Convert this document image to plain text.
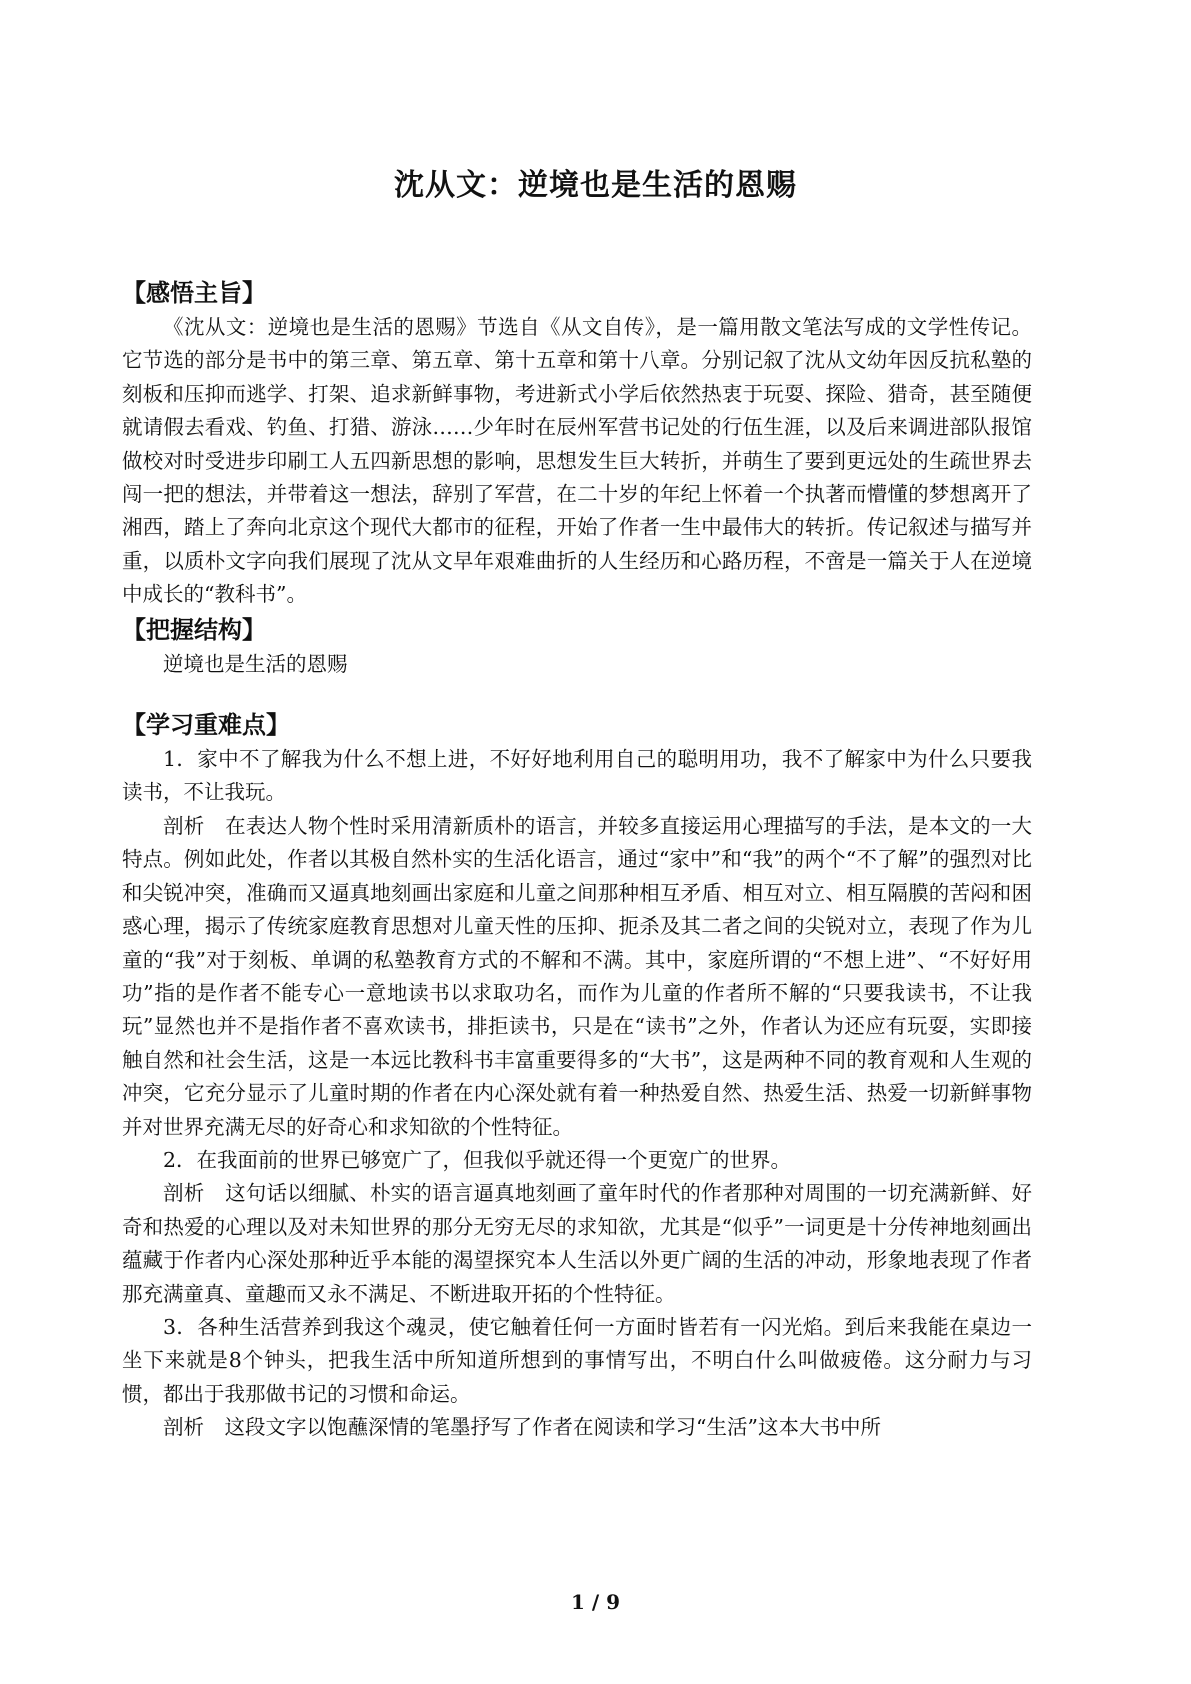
沈从文：逆境也是生活的恩赐

【感悟主旨】

《沈从文：逆境也是生活的恩赐》节选自《从文自传》，是一篇用散文笔法写成的文学性传记。它节选的部分是书中的第三章、第五章、第十五章和第十八章。分别记叙了沈从文幼年因反抗私塾的刻板和压抑而逃学、打架、追求新鲜事物，考进新式小学后依然热衷于玩耍、探险、猎奇，甚至随便就请假去看戏、钓鱼、打猎、游泳……少年时在辰州军营书记处的行伍生涯，以及后来调进部队报馆做校对时受进步印刷工人五四新思想的影响，思想发生巨大转折，并萌生了要到更远处的生疏世界去闯一把的想法，并带着这一想法，辞别了军营，在二十岁的年纪上怀着一个执著而懵懂的梦想离开了湘西，踏上了奔向北京这个现代大都市的征程，开始了作者一生中最伟大的转折。传记叙述与描写并重，以质朴文字向我们展现了沈从文早年艰难曲折的人生经历和心路历程，不啻是一篇关于人在逆境中成长的“教科书”。

【把握结构】

逆境也是生活的恩赐

【学习重难点】

1．家中不了解我为什么不想上进，不好好地利用自己的聪明用功，我不了解家中为什么只要我读书，不让我玩。

剖析　在表达人物个性时采用清新质朴的语言，并较多直接运用心理描写的手法，是本文的一大特点。例如此处，作者以其极自然朴实的生活化语言，通过“家中”和“我”的两个“不了解”的强烈对比和尖锐冲突，准确而又逼真地刻画出家庭和儿童之间那种相互矛盾、相互对立、相互隔膜的苦闷和困惑心理，揭示了传统家庭教育思想对儿童天性的压抑、扼杀及其二者之间的尖锐对立，表现了作为儿童的“我”对于刻板、单调的私塾教育方式的不解和不满。其中，家庭所谓的“不想上进”、“不好好用功”指的是作者不能专心一意地读书以求取功名，而作为儿童的作者所不解的“只要我读书，不让我玩”显然也并不是指作者不喜欢读书，排拒读书，只是在“读书”之外，作者认为还应有玩耍，实即接触自然和社会生活，这是一本远比教科书丰富重要得多的“大书”，这是两种不同的教育观和人生观的冲突，它充分显示了儿童时期的作者在内心深处就有着一种热爱自然、热爱生活、热爱一切新鲜事物并对世界充满无尽的好奇心和求知欲的个性特征。

2．在我面前的世界已够宽广了，但我似乎就还得一个更宽广的世界。

剖析　这句话以细腻、朴实的语言逼真地刻画了童年时代的作者那种对周围的一切充满新鲜、好奇和热爱的心理以及对未知世界的那分无穷无尽的求知欲，尤其是“似乎”一词更是十分传神地刻画出蕴藏于作者内心深处那种近乎本能的渴望探究本人生活以外更广阔的生活的冲动，形象地表现了作者那充满童真、童趣而又永不满足、不断进取开拓的个性特征。

3．各种生活营养到我这个魂灵，使它触着任何一方面时皆若有一闪光焰。到后来我能在桌边一坐下来就是8个钟头，把我生活中所知道所想到的事情写出，不明白什么叫做疲倦。这分耐力与习惯，都出于我那做书记的习惯和命运。

剖析　这段文字以饱蘸深情的笔墨抒写了作者在阅读和学习“生活”这本大书中所

1 / 9
